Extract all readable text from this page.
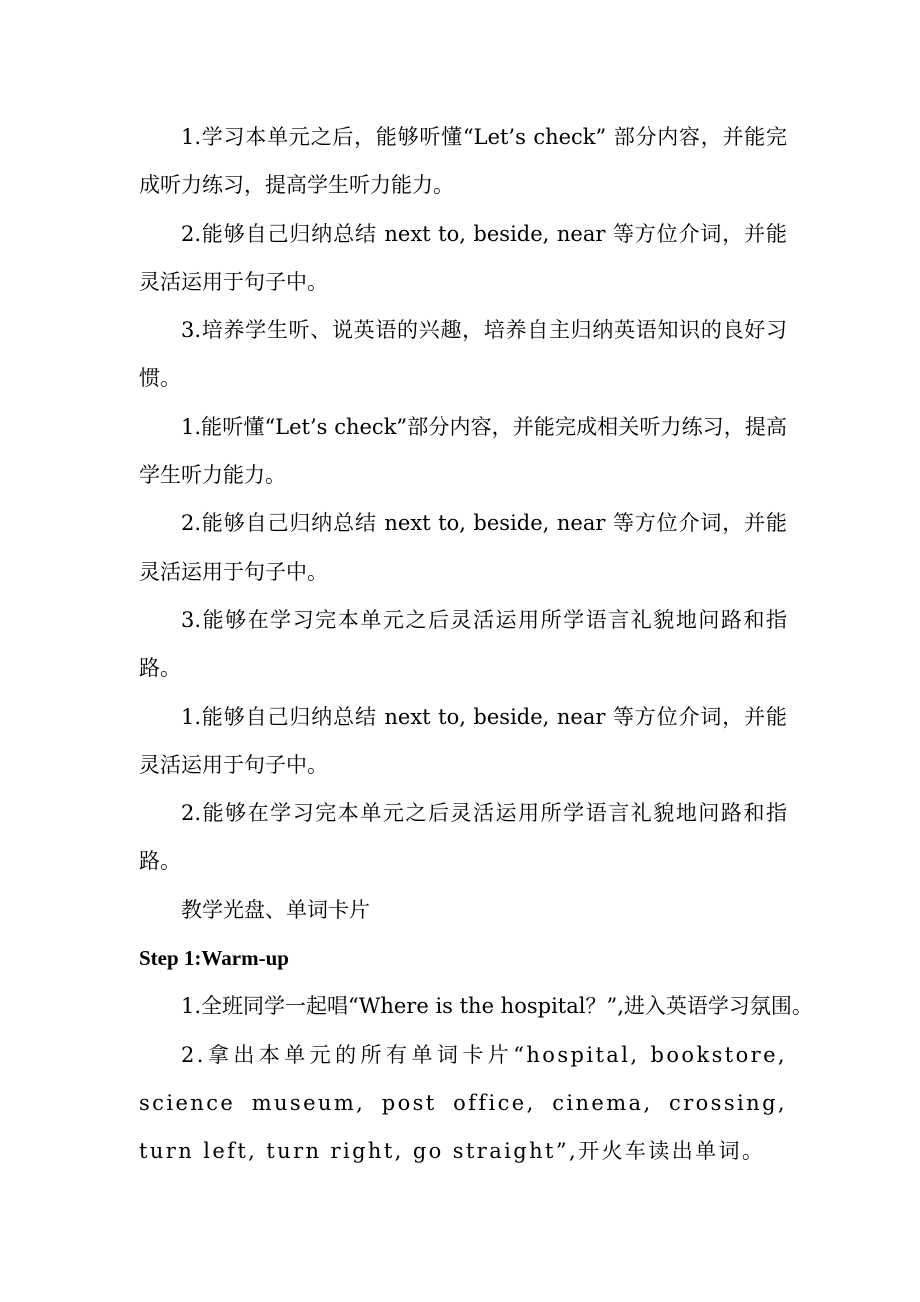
1.学习本单元之后，能够听懂“Let’s check” 部分内容，并能完成听力练习，提高学生听力能力。

2.能够自己归纳总结 next to, beside, near 等方位介词，并能灵活运用于句子中。

3.培养学生听、说英语的兴趣，培养自主归纳英语知识的良好习惯。

1.能听懂“Let’s check”部分内容，并能完成相关听力练习，提高学生听力能力。

2.能够自己归纳总结 next to, beside, near 等方位介词，并能灵活运用于句子中。

3.能够在学习完本单元之后灵活运用所学语言礼貌地问路和指路。

1.能够自己归纳总结 next to, beside, near 等方位介词，并能灵活运用于句子中。

2.能够在学习完本单元之后灵活运用所学语言礼貌地问路和指路。

教学光盘、单词卡片

Step 1:Warm-up

1.全班同学一起唱“Where is the hospital？”,进入英语学习氛围。

2.拿出本单元的所有单词卡片“hospital, bookstore, science museum, post office, cinema, crossing, turn left, turn right, go straight”,开火车读出单词。
